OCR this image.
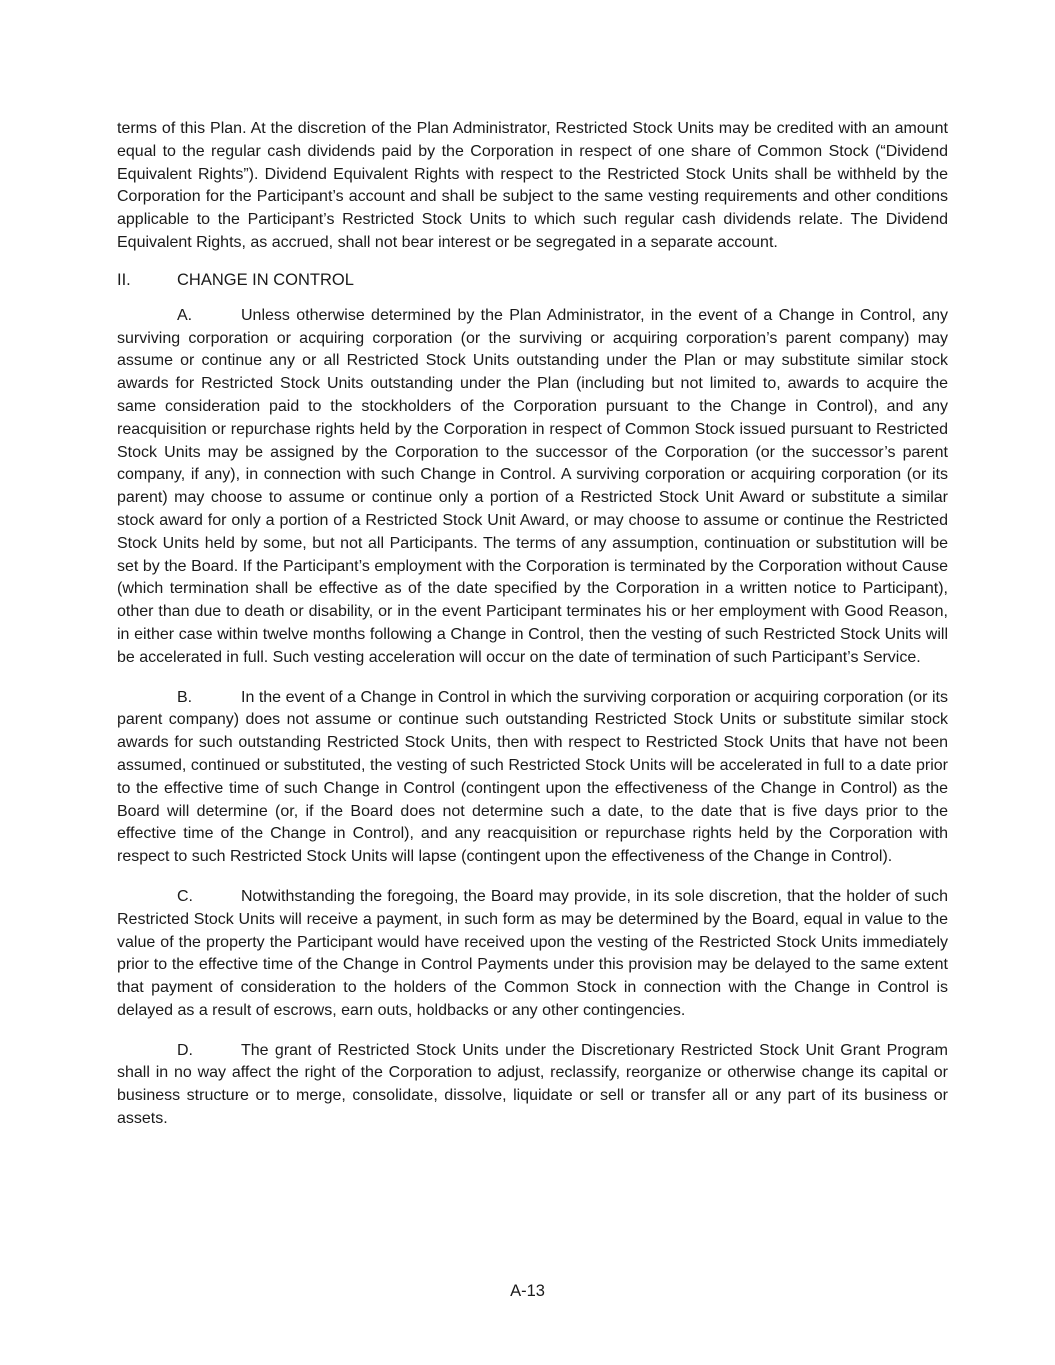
terms of this Plan. At the discretion of the Plan Administrator, Restricted Stock Units may be credited with an amount equal to the regular cash dividends paid by the Corporation in respect of one share of Common Stock (“Dividend Equivalent Rights”). Dividend Equivalent Rights with respect to the Restricted Stock Units shall be withheld by the Corporation for the Participant’s account and shall be subject to the same vesting requirements and other conditions applicable to the Participant’s Restricted Stock Units to which such regular cash dividends relate. The Dividend Equivalent Rights, as accrued, shall not bear interest or be segregated in a separate account.

II.	CHANGE IN CONTROL

A.	Unless otherwise determined by the Plan Administrator, in the event of a Change in Control, any surviving corporation or acquiring corporation (or the surviving or acquiring corporation’s parent company) may assume or continue any or all Restricted Stock Units outstanding under the Plan or may substitute similar stock awards for Restricted Stock Units outstanding under the Plan (including but not limited to, awards to acquire the same consideration paid to the stockholders of the Corporation pursuant to the Change in Control), and any reacquisition or repurchase rights held by the Corporation in respect of Common Stock issued pursuant to Restricted Stock Units may be assigned by the Corporation to the successor of the Corporation (or the successor’s parent company, if any), in connection with such Change in Control. A surviving corporation or acquiring corporation (or its parent) may choose to assume or continue only a portion of a Restricted Stock Unit Award or substitute a similar stock award for only a portion of a Restricted Stock Unit Award, or may choose to assume or continue the Restricted Stock Units held by some, but not all Participants. The terms of any assumption, continuation or substitution will be set by the Board. If the Participant’s employment with the Corporation is terminated by the Corporation without Cause (which termination shall be effective as of the date specified by the Corporation in a written notice to Participant), other than due to death or disability, or in the event Participant terminates his or her employment with Good Reason, in either case within twelve months following a Change in Control, then the vesting of such Restricted Stock Units will be accelerated in full. Such vesting acceleration will occur on the date of termination of such Participant’s Service.

B.	In the event of a Change in Control in which the surviving corporation or acquiring corporation (or its parent company) does not assume or continue such outstanding Restricted Stock Units or substitute similar stock awards for such outstanding Restricted Stock Units, then with respect to Restricted Stock Units that have not been assumed, continued or substituted, the vesting of such Restricted Stock Units will be accelerated in full to a date prior to the effective time of such Change in Control (contingent upon the effectiveness of the Change in Control) as the Board will determine (or, if the Board does not determine such a date, to the date that is five days prior to the effective time of the Change in Control), and any reacquisition or repurchase rights held by the Corporation with respect to such Restricted Stock Units will lapse (contingent upon the effectiveness of the Change in Control).

C.	Notwithstanding the foregoing, the Board may provide, in its sole discretion, that the holder of such Restricted Stock Units will receive a payment, in such form as may be determined by the Board, equal in value to the value of the property the Participant would have received upon the vesting of the Restricted Stock Units immediately prior to the effective time of the Change in Control Payments under this provision may be delayed to the same extent that payment of consideration to the holders of the Common Stock in connection with the Change in Control is delayed as a result of escrows, earn outs, holdbacks or any other contingencies.

D.	The grant of Restricted Stock Units under the Discretionary Restricted Stock Unit Grant Program shall in no way affect the right of the Corporation to adjust, reclassify, reorganize or otherwise change its capital or business structure or to merge, consolidate, dissolve, liquidate or sell or transfer all or any part of its business or assets.

A-13
